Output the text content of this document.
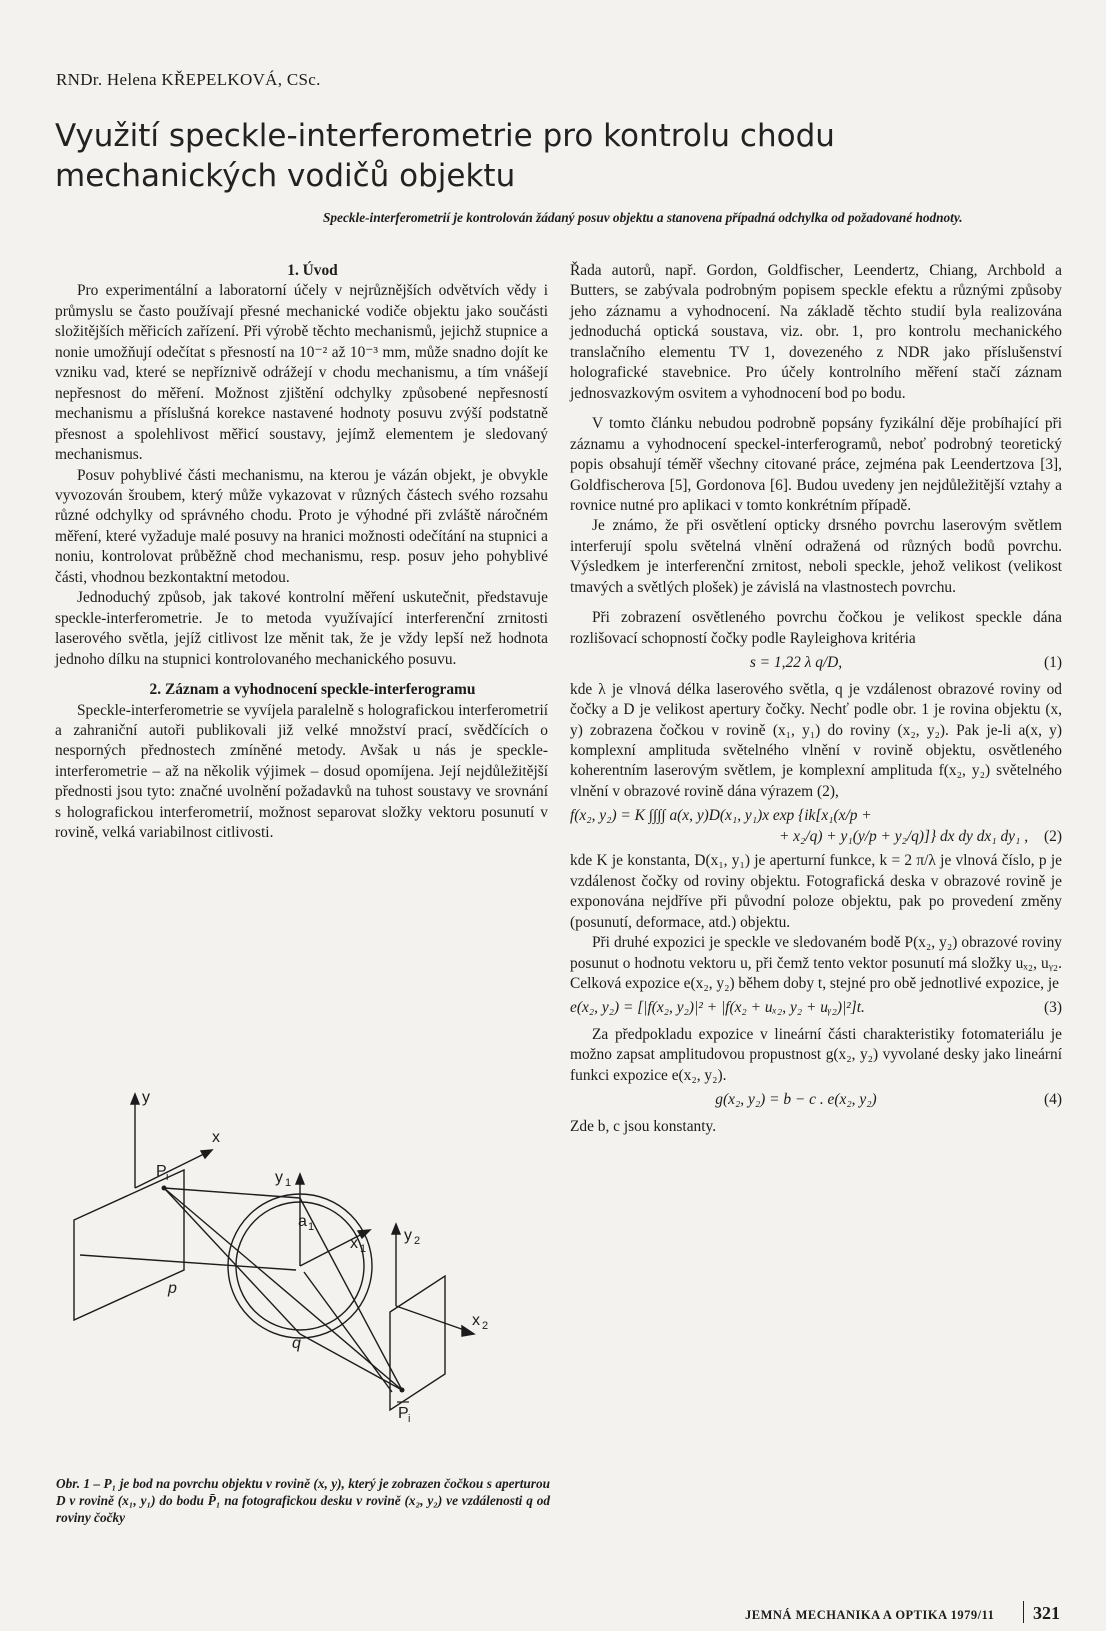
RNDr. Helena KŘEPELKOVÁ, CSc.
Využití speckle-interferometrie pro kontrolu chodu mechanických vodičů objektu
Speckle-interferometrií je kontrolován žádaný posuv objektu a stanovena případná odchylka od požadované hodnoty.

1. Úvod

Pro experimentální a laboratorní účely v nejrůznějších odvětvích vědy i průmyslu se často používají přesné mechanické vodiče objektu jako součásti složitějších měřicích zařízení. Při výrobě těchto mechanismů, jejichž stupnice a nonie umožňují odečítat s přesností na 10⁻² až 10⁻³ mm, může snadno dojít ke vzniku vad, které se nepříznivě odrážejí v chodu mechanismu, a tím vnášejí nepřesnost do měření. Možnost zjištění odchylky způsobené nepřesností mechanismu a příslušná korekce nastavené hodnoty posuvu zvýší podstatně přesnost a spolehlivost měřicí soustavy, jejímž elementem je sledovaný mechanismus.

Posuv pohyblivé části mechanismu, na kterou je vázán objekt, je obvykle vyvozován šroubem, který může vykazovat v různých částech svého rozsahu různé odchylky od správného chodu. Proto je výhodné při zvláště náročném měření, které vyžaduje malé posuvy na hranici možnosti odečítání na stupnici a noniu, kontrolovat průběžně chod mechanismu, resp. posuv jeho pohyblivé části, vhodnou bezkontaktní metodou.

Jednoduchý způsob, jak takové kontrolní měření uskutečnit, představuje speckle-interferometrie. Je to metoda využívající interferenční zrnitosti laserového světla, jejíž citlivost lze měnit tak, že je vždy lepší než hodnota jednoho dílku na stupnici kontrolovaného mechanického posuvu.

2. Záznam a vyhodnocení speckle-interferogramu

Speckle-interferometrie se vyvíjela paralelně s holografickou interferometrií a zahraniční autoři publikovali již velké množství prací, svědčících o nesporných přednostech zmíněné metody. Avšak u nás je speckle-interferometrie – až na několik výjimek – dosud opomíjena. Její nejdůležitější přednosti jsou tyto: značné uvolnění požadavků na tuhost soustavy ve srovnání s holografickou interferometrií, možnost separovat složky vektoru posunutí v rovině, velká variabilnost citlivosti.

Řada autorů, např. Gordon, Goldfischer, Leendertz, Chiang, Archbold a Butters, se zabývala podrobným popisem speckle efektu a různými způsoby jeho záznamu a vyhodnocení. Na základě těchto studií byla realizována jednoduchá optická soustava, viz. obr. 1, pro kontrolu mechanického translačního elementu TV 1, dovezeného z NDR jako příslušenství holografické stavebnice. Pro účely kontrolního měření stačí záznam jednosvazkovým osvitem a vyhodnocení bod po bodu.

V tomto článku nebudou podrobně popsány fyzikální děje probíhající při záznamu a vyhodnocení speckel-interferogramů, neboť podrobný teoretický popis obsahují téměř všechny citované práce, zejména pak Leendertzova [3], Goldfischerova [5], Gordonova [6]. Budou uvedeny jen nejdůležitější vztahy a rovnice nutné pro aplikaci v tomto konkrétním případě.

Je známo, že při osvětlení opticky drsného povrchu laserovým světlem interferují spolu světelná vlnění odražená od různých bodů povrchu. Výsledkem je interferenční zrnitost, neboli speckle, jehož velikost (velikost tmavých a světlých plošek) je závislá na vlastnostech povrchu.

Při zobrazení osvětleného povrchu čočkou je velikost speckle dána rozlišovací schopností čočky podle Rayleighova kritéria

s = 1,22 λ q/D,	(1)

kde λ je vlnová délka laserového světla, q je vzdálenost obrazové roviny od čočky a D je velikost apertury čočky. Nechť podle obr. 1 je rovina objektu (x, y) zobrazena čočkou v rovině (x₁, y₁) do roviny (x₂, y₂). Pak je-li a(x, y) komplexní amplituda světelného vlnění v rovině objektu, osvětleného koherentním laserovým světlem, je komplexní amplituda f(x₂, y₂) světelného vlnění v obrazové rovině dána výrazem (2),

f(x₂, y₂) = K ∫∫∫∫ a(x, y)D(x₁, y₁)x exp {ik[x₁(x/p +
+ x₂/q) + y₁(y/p + y₂/q)]} dx dy dx₁ dy₁ , (2)

kde K je konstanta, D(x₁, y₁) je aperturní funkce, k = 2 π/λ je vlnová číslo, p je vzdálenost čočky od roviny objektu. Fotografická deska v obrazové rovině je exponována nejdříve při původní poloze objektu, pak po provedení změny (posunutí, deformace, atd.) objektu.

Při druhé expozici je speckle ve sledovaném bodě P(x₂, y₂) obrazové roviny posunut o hodnotu vektoru u, při čemž tento vektor posunutí má složky uₓ₂, uᵧ₂. Celková expozice e(x₂, y₂) během doby t, stejné pro obě jednotlivé expozice, je

e(x₂, y₂) = [|f(x₂, y₂)|² + |f(x₂ + uₓ₂, y₂ + uᵧ₂)|²]t.	(3)

Za předpokladu expozice v lineární části charakteristiky fotomateriálu je možno zapsat amplitudovou propustnost g(x₂, y₂) vyvolané desky jako lineární funkci expozice e(x₂, y₂).

g(x₂, y₂) = b − c . e(x₂, y₂)	(4)

Zde b, c jsou konstanty.

y
x
P i	y 1
a 1
x 1
y 2
x 2
p
q
P i
Obr. 1 – P₁ je bod na povrchu objektu v rovině (x, y), který je zobrazen čočkou s aperturou D v rovině (x₁, y₁) do bodu P̄₁ na fotografickou desku v rovině (x₂, y₂) ve vzdálenosti q od roviny čočky
JEMNÁ MECHANIKA A OPTIKA 1979/11 321
